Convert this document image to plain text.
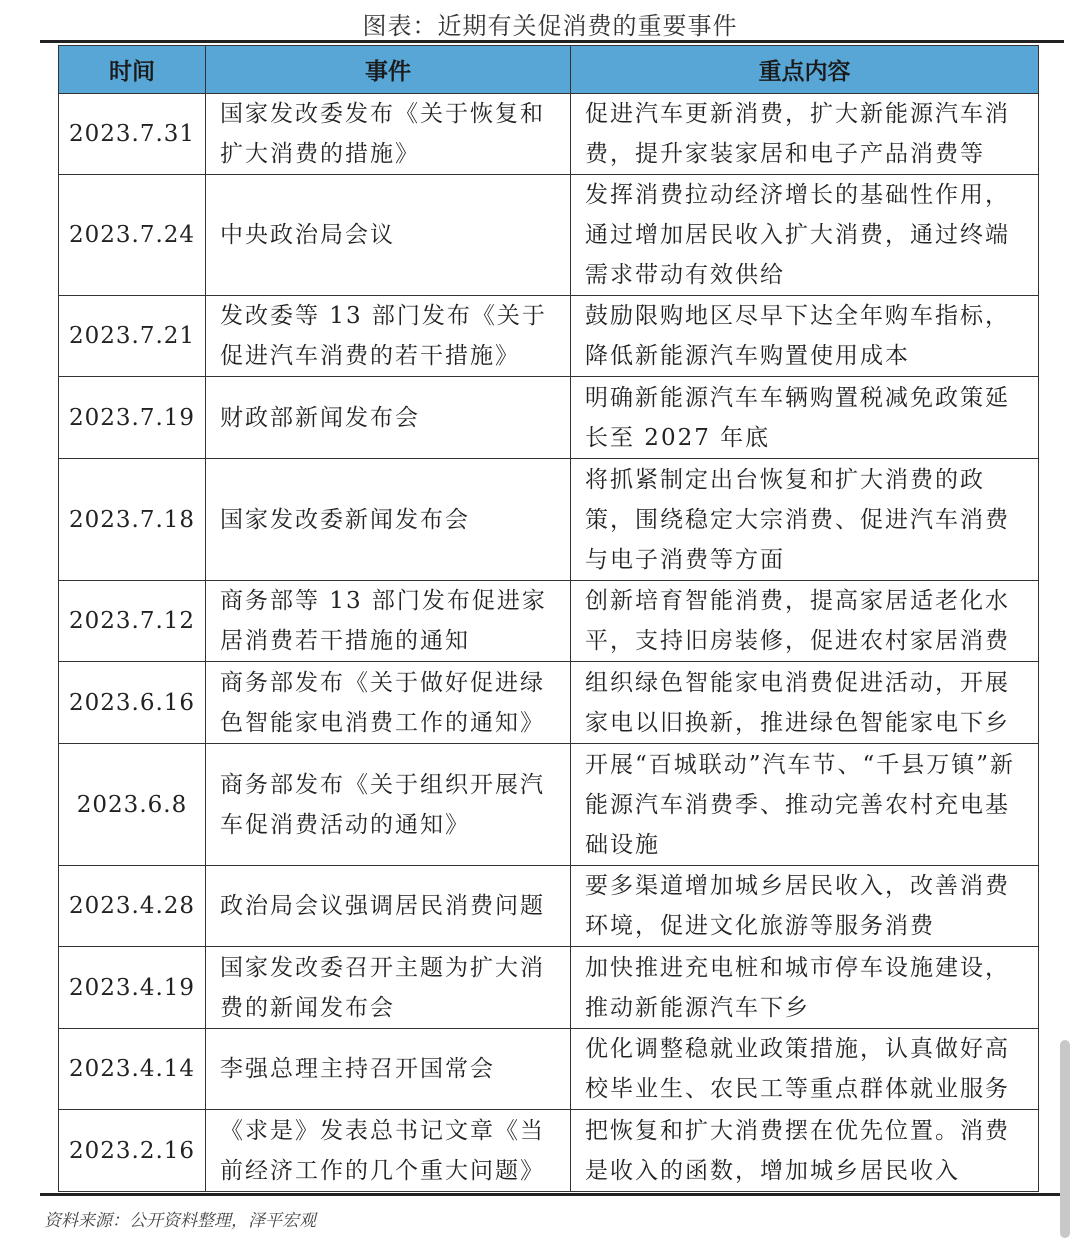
图表：近期有关促消费的重要事件
时间	事件	重点内容
2023.7.31	国家发改委发布《关于恢复和扩大消费的措施》	促进汽车更新消费，扩大新能源汽车消费，提升家装家居和电子产品消费等
2023.7.24	中央政治局会议	发挥消费拉动经济增长的基础性作用，通过增加居民收入扩大消费，通过终端需求带动有效供给
2023.7.21	发改委等 13 部门发布《关于促进汽车消费的若干措施》	鼓励限购地区尽早下达全年购车指标，降低新能源汽车购置使用成本
2023.7.19	财政部新闻发布会	明确新能源汽车车辆购置税减免政策延长至 2027 年底
2023.7.18	国家发改委新闻发布会	将抓紧制定出台恢复和扩大消费的政策，围绕稳定大宗消费、促进汽车消费与电子消费等方面
2023.7.12	商务部等 13 部门发布促进家居消费若干措施的通知	创新培育智能消费，提高家居适老化水平，支持旧房装修，促进农村家居消费
2023.6.16	商务部发布《关于做好促进绿色智能家电消费工作的通知》	组织绿色智能家电消费促进活动，开展家电以旧换新，推进绿色智能家电下乡
2023.6.8	商务部发布《关于组织开展汽车促消费活动的通知》	开展“百城联动”汽车节、“千县万镇”新能源汽车消费季、推动完善农村充电基础设施
2023.4.28	政治局会议强调居民消费问题	要多渠道增加城乡居民收入，改善消费环境，促进文化旅游等服务消费
2023.4.19	国家发改委召开主题为扩大消费的新闻发布会	加快推进充电桩和城市停车设施建设，推动新能源汽车下乡
2023.4.14	李强总理主持召开国常会	优化调整稳就业政策措施，认真做好高校毕业生、农民工等重点群体就业服务
2023.2.16	《求是》发表总书记文章《当前经济工作的几个重大问题》	把恢复和扩大消费摆在优先位置。消费是收入的函数，增加城乡居民收入
资料来源：公开资料整理，泽平宏观
